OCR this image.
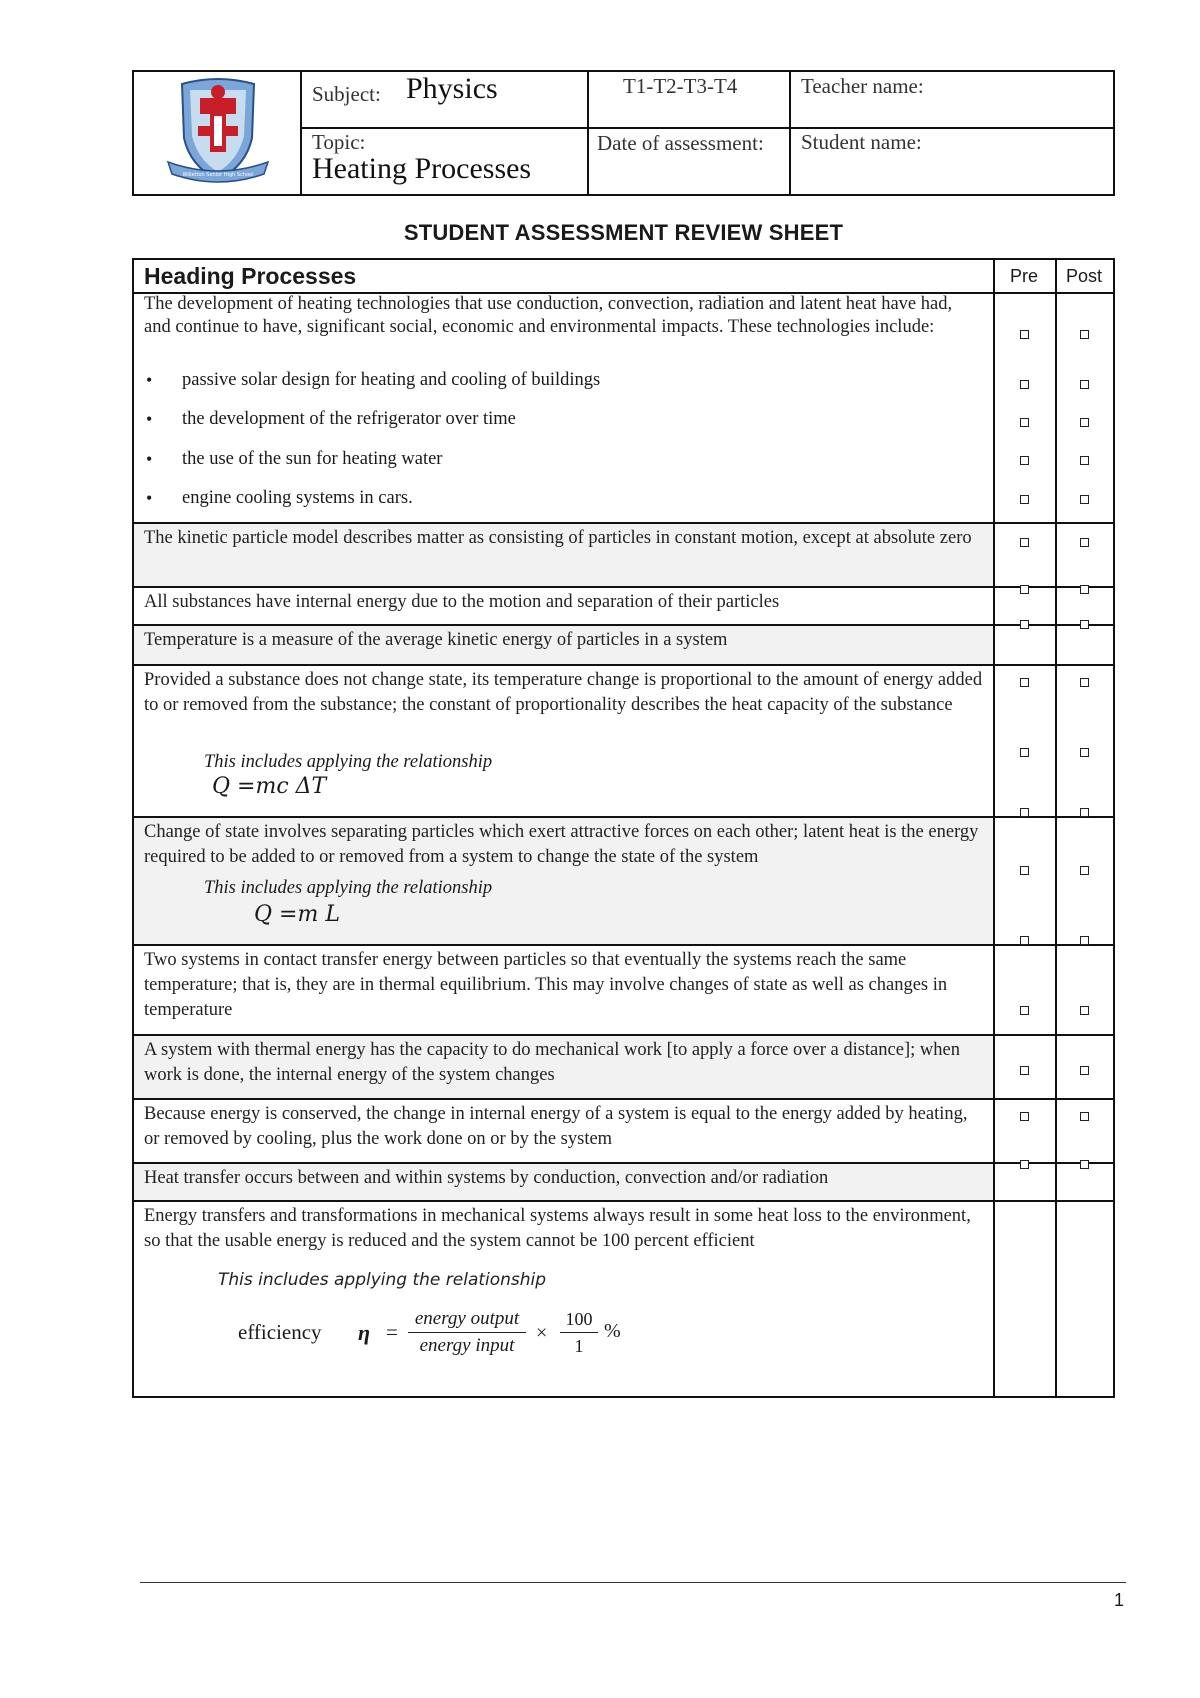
Willetton Senior High School
Subject: Physics	T1-T2-T3-T4	Teacher name:
Topic:
Heating Processes
Date of assessment: Student name:
STUDENT ASSESSMENT REVIEW SHEET
Heading Processes	Pre	Post
The development of heating technologies that use conduction, convection, radiation and latent heat have had, and continue to have, significant social, economic and environmental impacts. These technologies include:
• passive solar design for heating and cooling of buildings
• the development of the refrigerator over time
• the use of the sun for heating water
• engine cooling systems in cars.
The kinetic particle model describes matter as consisting of particles in constant motion, except at absolute zero
All substances have internal energy due to the motion and separation of their particles
Temperature is a measure of the average kinetic energy of particles in a system
Provided a substance does not change state, its temperature change is proportional to the amount of energy added to or removed from the substance; the constant of proportionality describes the heat capacity of the substance
This includes applying the relationship
Q =mc ΔT
Change of state involves separating particles which exert attractive forces on each other; latent heat is the energy required to be added to or removed from a system to change the state of the system
This includes applying the relationship
Q =m L
Two systems in contact transfer energy between particles so that eventually the systems reach the same temperature; that is, they are in thermal equilibrium. This may involve changes of state as well as changes in temperature
A system with thermal energy has the capacity to do mechanical work [to apply a force over a distance]; when work is done, the internal energy of the system changes
Because energy is conserved, the change in internal energy of a system is equal to the energy added by heating, or removed by cooling, plus the work done on or by the system
Heat transfer occurs between and within systems by conduction, convection and/or radiation
Energy transfers and transformations in mechanical systems always result in some heat loss to the environment, so that the usable energy is reduced and the system cannot be 100 percent efficient
This includes applying the relationship
efficiency η =
energy output
energy input
×
100
1
%
1
